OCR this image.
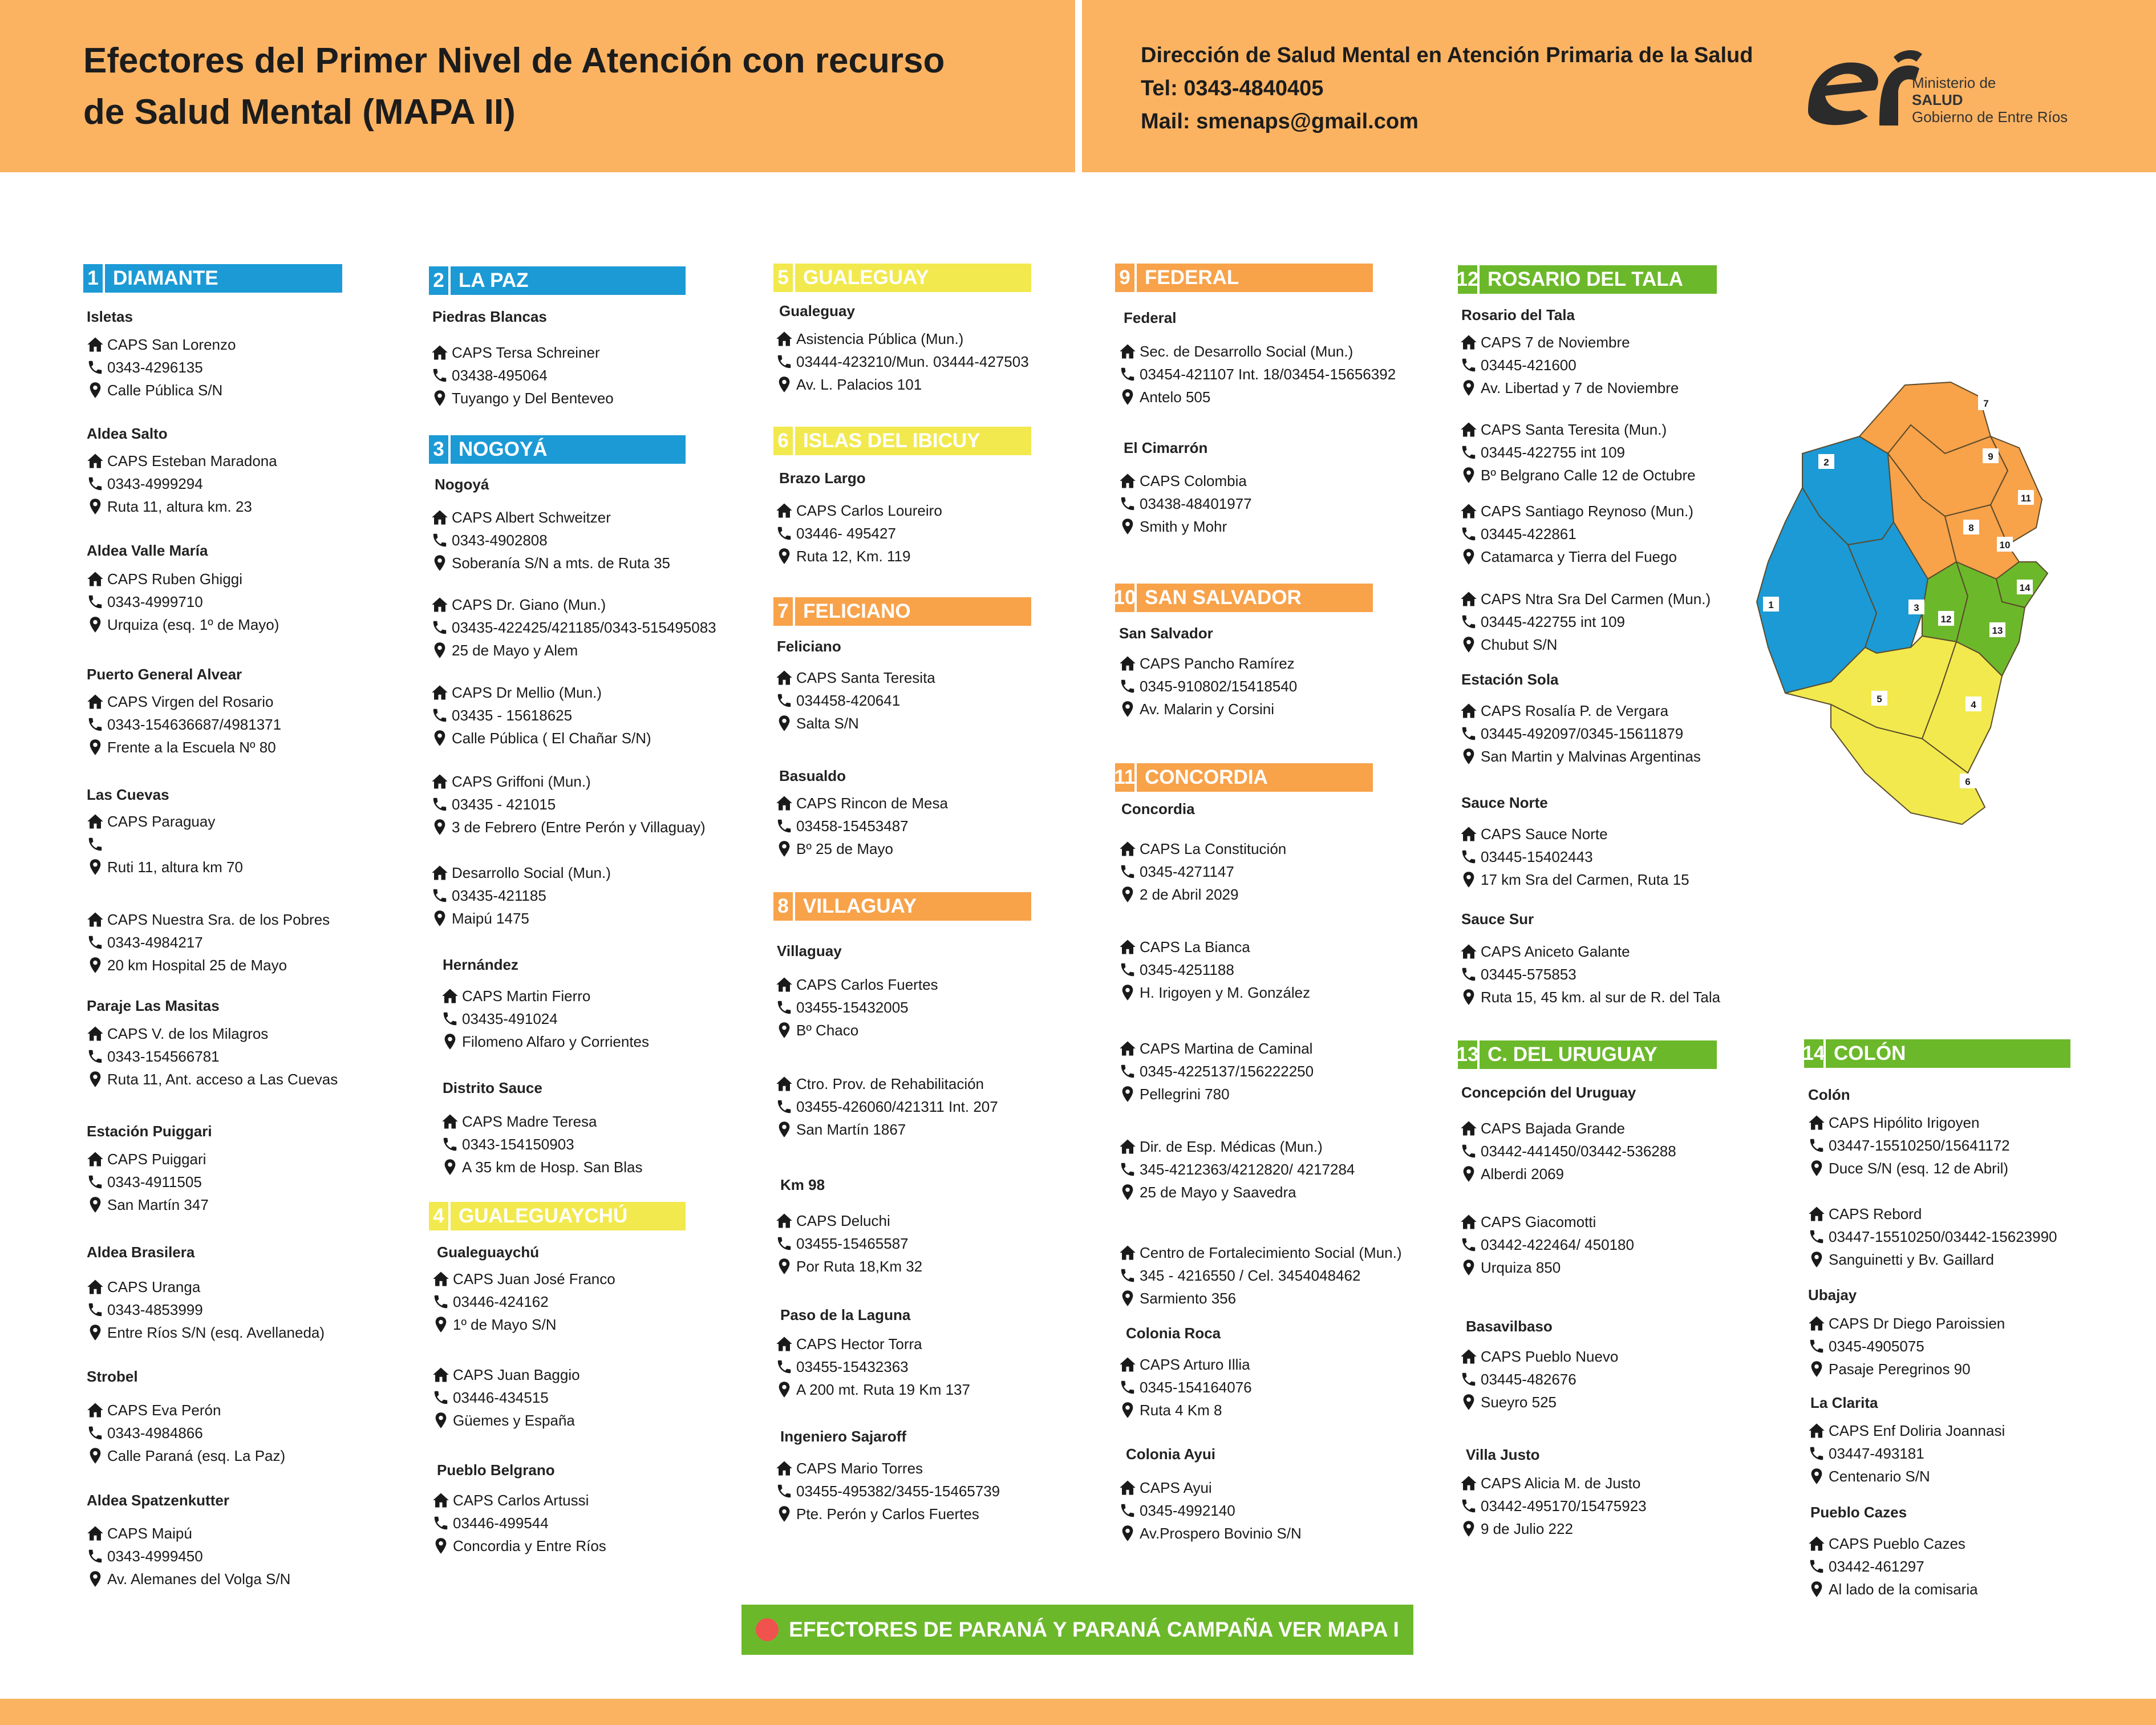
Efectores del Primer Nivel de Atención con recurso
de Salud Mental (MAPA II)
Dirección de Salud Mental en Atención Primaria de la Salud
Tel: 0343-4840405
Mail: smenaps@gmail.com
Ministerio de
SALUD
Gobierno de Entre Ríos
1 DIAMANTE
Isletas
CAPS San Lorenzo
0343-4296135
Calle Pública S/N
Aldea Salto
CAPS Esteban Maradona
0343-4999294
Ruta 11, altura km. 23
Aldea Valle María
CAPS Ruben Ghiggi
0343-4999710
Urquiza (esq. 1º de Mayo)
Puerto General Alvear
CAPS Virgen del Rosario
0343-154636687/4981371
Frente a la Escuela Nº 80
Las Cuevas
CAPS Paraguay
Ruti 11, altura km 70
CAPS Nuestra Sra. de los Pobres
0343-4984217
20 km Hospital 25 de Mayo
Paraje Las Masitas
CAPS V. de los Milagros
0343-154566781
Ruta 11, Ant. acceso a Las Cuevas
Estación Puiggari
CAPS Puiggari
0343-4911505
San Martín 347
Aldea Brasilera
CAPS Uranga
0343-4853999
Entre Ríos S/N (esq. Avellaneda)
Strobel
CAPS Eva Perón
0343-4984866
Calle Paraná (esq. La Paz)
Aldea Spatzenkutter
CAPS Maipú
0343-4999450
Av. Alemanes del Volga S/N
2 LA PAZ
Piedras Blancas
CAPS Tersa Schreiner
03438-495064
Tuyango y Del Benteveo
3 NOGOYÁ
Nogoyá
CAPS Albert Schweitzer
0343-4902808
Soberanía S/N a mts. de Ruta 35
CAPS Dr. Giano (Mun.)
03435-422425/421185/0343-515495083
25 de Mayo y Alem
CAPS Dr Mellio (Mun.)
03435 - 15618625
Calle Pública ( El Chañar S/N)
CAPS Griffoni (Mun.)
03435 - 421015
3 de Febrero (Entre Perón y Villaguay)
Desarrollo Social (Mun.)
03435-421185
Maipú 1475
Hernández
CAPS Martin Fierro
03435-491024
Filomeno Alfaro y Corrientes
Distrito Sauce
CAPS Madre Teresa
0343-154150903
A 35 km de Hosp. San Blas
4 GUALEGUAYCHÚ
Gualeguaychú
CAPS Juan José Franco
03446-424162
1º de Mayo S/N
CAPS Juan Baggio
03446-434515
Güemes y España
Pueblo Belgrano
CAPS Carlos Artussi
03446-499544
Concordia y Entre Ríos
5 GUALEGUAY
Gualeguay
Asistencia Pública (Mun.)
03444-423210/Mun. 03444-427503
Av. L. Palacios 101
6 ISLAS DEL IBICUY
Brazo Largo
CAPS Carlos Loureiro
03446- 495427
Ruta 12, Km. 119
7 FELICIANO
Feliciano
CAPS Santa Teresita
034458-420641
Salta S/N
Basualdo
CAPS Rincon de Mesa
03458-15453487
Bº 25 de Mayo
8 VILLAGUAY
Villaguay
CAPS Carlos Fuertes
03455-15432005
Bº Chaco
Ctro. Prov. de Rehabilitación
03455-426060/421311 Int. 207
San Martín 1867
Km 98
CAPS Deluchi
03455-15465587
Por Ruta 18,Km 32
Paso de la Laguna
CAPS Hector Torra
03455-15432363
A 200 mt. Ruta 19 Km 137
Ingeniero Sajaroff
CAPS Mario Torres
03455-495382/3455-15465739
Pte. Perón y Carlos Fuertes
9 FEDERAL
Federal
Sec. de Desarrollo Social (Mun.)
03454-421107 Int. 18/03454-15656392
Antelo 505
El Cimarrón
CAPS Colombia
03438-48401977
Smith y Mohr
10 SAN SALVADOR
San Salvador
CAPS Pancho Ramírez
0345-910802/15418540
Av. Malarin y Corsini
11 CONCORDIA
Concordia
CAPS La Constitución
0345-4271147
2 de Abril 2029
CAPS La Bianca
0345-4251188
H. Irigoyen y M. González
CAPS Martina de Caminal
0345-4225137/156222250
Pellegrini 780
Dir. de Esp. Médicas (Mun.)
345-4212363/4212820/ 4217284
25 de Mayo y Saavedra
Centro de Fortalecimiento Social (Mun.)
345 - 4216550 / Cel. 3454048462
Sarmiento 356
Colonia Roca
CAPS Arturo Illia
0345-154164076
Ruta 4 Km 8
Colonia Ayui
CAPS Ayui
0345-4992140
Av.Prospero Bovinio S/N
12 ROSARIO DEL TALA
Rosario del Tala
CAPS 7 de Noviembre
03445-421600
Av. Libertad y 7 de Noviembre
CAPS Santa Teresita (Mun.)
03445-422755 int 109
Bº Belgrano Calle 12 de Octubre
CAPS Santiago Reynoso (Mun.)
03445-422861
Catamarca y Tierra del Fuego
CAPS Ntra Sra Del Carmen (Mun.)
03445-422755 int 109
Chubut S/N
Estación Sola
CAPS Rosalía P. de Vergara
03445-492097/0345-15611879
San Martin y Malvinas Argentinas
Sauce Norte
CAPS Sauce Norte
03445-15402443
17 km Sra del Carmen, Ruta 15
Sauce Sur
CAPS Aniceto Galante
03445-575853
Ruta 15, 45 km. al sur de R. del Tala
13 C. DEL URUGUAY
Concepción del Uruguay
CAPS Bajada Grande
03442-441450/03442-536288
Alberdi 2069
CAPS Giacomotti
03442-422464/ 450180
Urquiza 850
Basavilbaso
CAPS Pueblo Nuevo
03445-482676
Sueyro 525
Villa Justo
CAPS Alicia M. de Justo
03442-495170/15475923
9 de Julio 222
14 COLÓN
Colón
CAPS Hipólito Irigoyen
03447-15510250/15641172
Duce S/N (esq. 12 de Abril)
CAPS Rebord
03447-15510250/03442-15623990
Sanguinetti y Bv. Gaillard
Ubajay
CAPS Dr Diego Paroissien
0345-4905075
Pasaje Peregrinos 90
La Clarita
CAPS Enf Doliria Joannasi
03447-493181
Centenario S/N
Pueblo Cazes
CAPS Pueblo Cazes
03442-461297
Al lado de la comisaria
1
2
3
4
5
6
7
8
9
10
11
12
13
14
EFECTORES DE PARANÁ Y PARANÁ CAMPAÑA VER MAPA I
